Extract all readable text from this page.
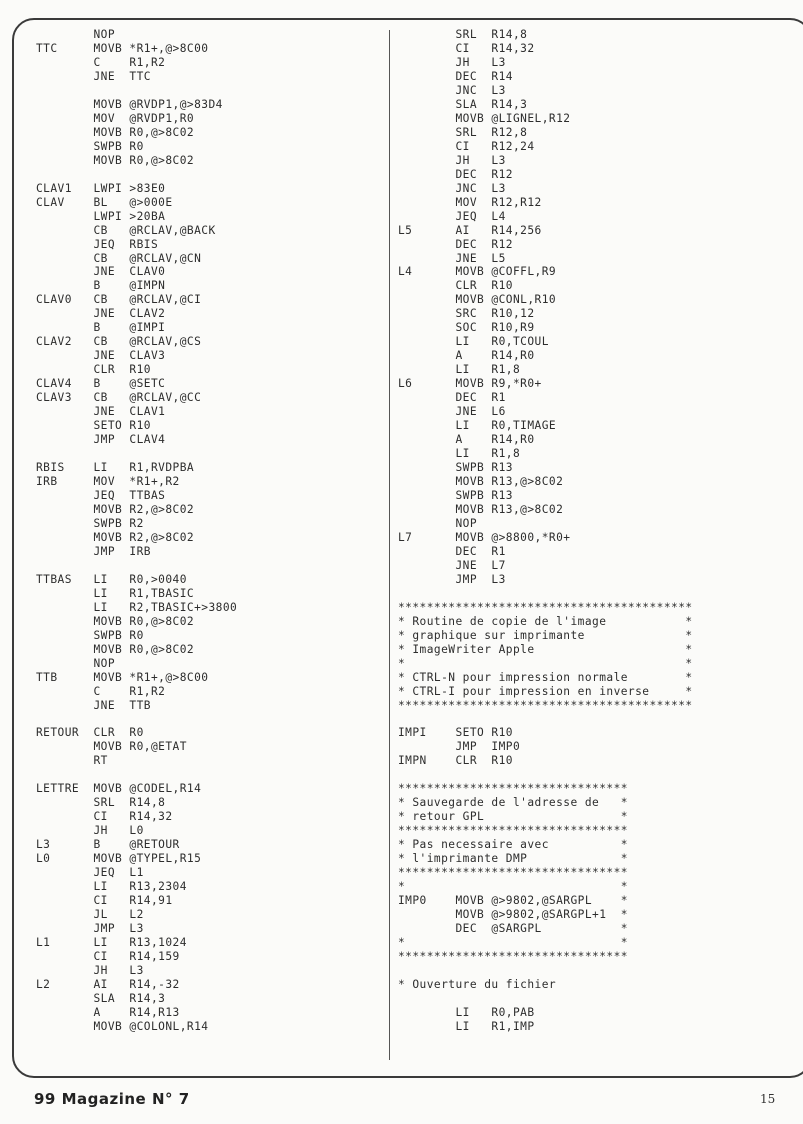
NOP
TTC     MOVB *R1+,@>8C00
C    R1,R2
JNE  TTC

MOVB @RVDP1,@>83D4
MOV  @RVDP1,R0
MOVB R0,@>8C02
SWPB R0
MOVB R0,@>8C02

CLAV1   LWPI >83E0
CLAV    BL   @>000E
LWPI >20BA
CB   @RCLAV,@BACK
JEQ  RBIS
CB   @RCLAV,@CN
JNE  CLAV0
B    @IMPN
CLAV0   CB   @RCLAV,@CI
JNE  CLAV2
B    @IMPI
CLAV2   CB   @RCLAV,@CS
JNE  CLAV3
CLR  R10
CLAV4   B    @SETC
CLAV3   CB   @RCLAV,@CC
JNE  CLAV1
SETO R10
JMP  CLAV4

RBIS    LI   R1,RVDPBA
IRB     MOV  *R1+,R2
JEQ  TTBAS
MOVB R2,@>8C02
SWPB R2
MOVB R2,@>8C02
JMP  IRB

TTBAS   LI   R0,>0040
LI   R1,TBASIC
LI   R2,TBASIC+>3800
MOVB R0,@>8C02
SWPB R0
MOVB R0,@>8C02
NOP
TTB     MOVB *R1+,@>8C00
C    R1,R2
JNE  TTB

RETOUR  CLR  R0
MOVB R0,@ETAT
RT

LETTRE  MOVB @CODEL,R14
SRL  R14,8
CI   R14,32
JH   L0
L3      B    @RETOUR
L0      MOVB @TYPEL,R15
JEQ  L1
LI   R13,2304
CI   R14,91
JL   L2
JMP  L3
L1      LI   R13,1024
CI   R14,159
JH   L3
L2      AI   R14,-32
SLA  R14,3
A    R14,R13
MOVB @COLONL,R14
SRL  R14,8
CI   R14,32
JH   L3
DEC  R14
JNC  L3
SLA  R14,3
MOVB @LIGNEL,R12
SRL  R12,8
CI   R12,24
JH   L3
DEC  R12
JNC  L3
MOV  R12,R12
JEQ  L4
L5      AI   R14,256
DEC  R12
JNE  L5
L4      MOVB @COFFL,R9
CLR  R10
MOVB @CONL,R10
SRC  R10,12
SOC  R10,R9
LI   R0,TCOUL
A    R14,R0
LI   R1,8
L6      MOVB R9,*R0+
DEC  R1
JNE  L6
LI   R0,TIMAGE
A    R14,R0
LI   R1,8
SWPB R13
MOVB R13,@>8C02
SWPB R13
MOVB R13,@>8C02
NOP
L7      MOVB @>8800,*R0+
DEC  R1
JNE  L7
JMP  L3

*****************************************
* Routine de copie de l'image           *
* graphique sur imprimante              *
* ImageWriter Apple                     *
*                                       *
* CTRL-N pour impression normale        *
* CTRL-I pour impression en inverse     *
*****************************************

IMPI    SETO R10
JMP  IMP0
IMPN    CLR  R10

********************************
* Sauvegarde de l'adresse de   *
* retour GPL                   *
********************************
* Pas necessaire avec          *
* l'imprimante DMP             *
********************************
*                              *
IMP0    MOVB @>9802,@SARGPL    *
MOVB @>9802,@SARGPL+1  *
DEC  @SARGPL           *
*                              *
********************************

* Ouverture du fichier

LI   R0,PAB
LI   R1,IMP
99 Magazine N° 7	15
